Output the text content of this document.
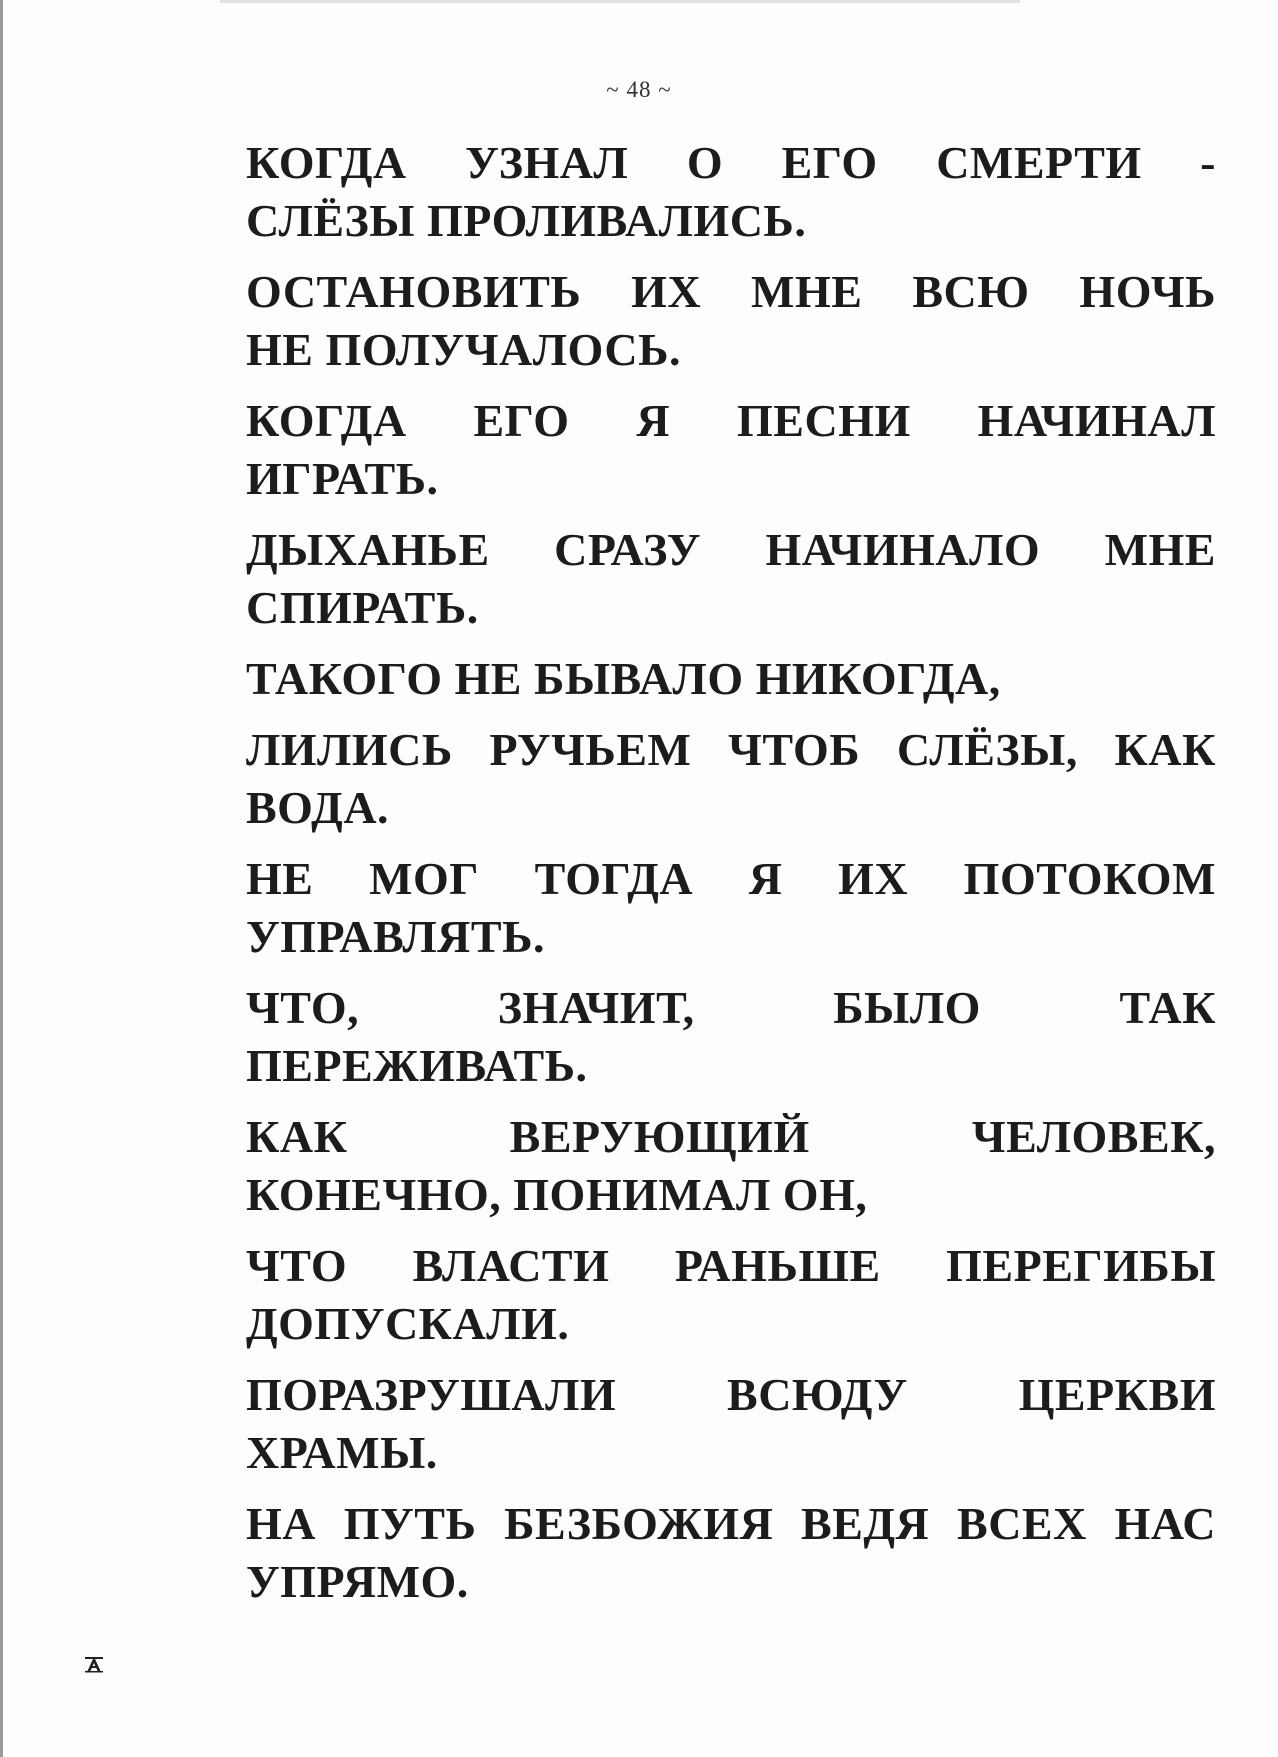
~ 48 ~
КОГДА УЗНАЛ О ЕГО СМЕРТИ -
СЛЁЗЫ ПРОЛИВАЛИСЬ.
ОСТАНОВИТЬ ИХ МНЕ ВСЮ НОЧЬ
НЕ ПОЛУЧАЛОСЬ.
КОГДА ЕГО Я ПЕСНИ НАЧИНАЛ
ИГРАТЬ.
ДЫХАНЬЕ СРАЗУ НАЧИНАЛО МНЕ
СПИРАТЬ.
ТАКОГО НЕ БЫВАЛО НИКОГДА,
ЛИЛИСЬ РУЧЬЕМ ЧТОБ СЛЁЗЫ, КАК
ВОДА.
НЕ МОГ ТОГДА Я ИХ ПОТОКОМ
УПРАВЛЯТЬ.
ЧТО, ЗНАЧИТ, БЫЛО ТАК
ПЕРЕЖИВАТЬ.
КАК ВЕРУЮЩИЙ ЧЕЛОВЕК,
КОНЕЧНО, ПОНИМАЛ ОН,
ЧТО ВЛАСТИ РАНЬШЕ ПЕРЕГИБЫ
ДОПУСКАЛИ.
ПОРАЗРУШАЛИ ВСЮДУ ЦЕРКВИ
ХРАМЫ.
НА ПУТЬ БЕЗБОЖИЯ ВЕДЯ ВСЕХ НАС
УПРЯМО.
